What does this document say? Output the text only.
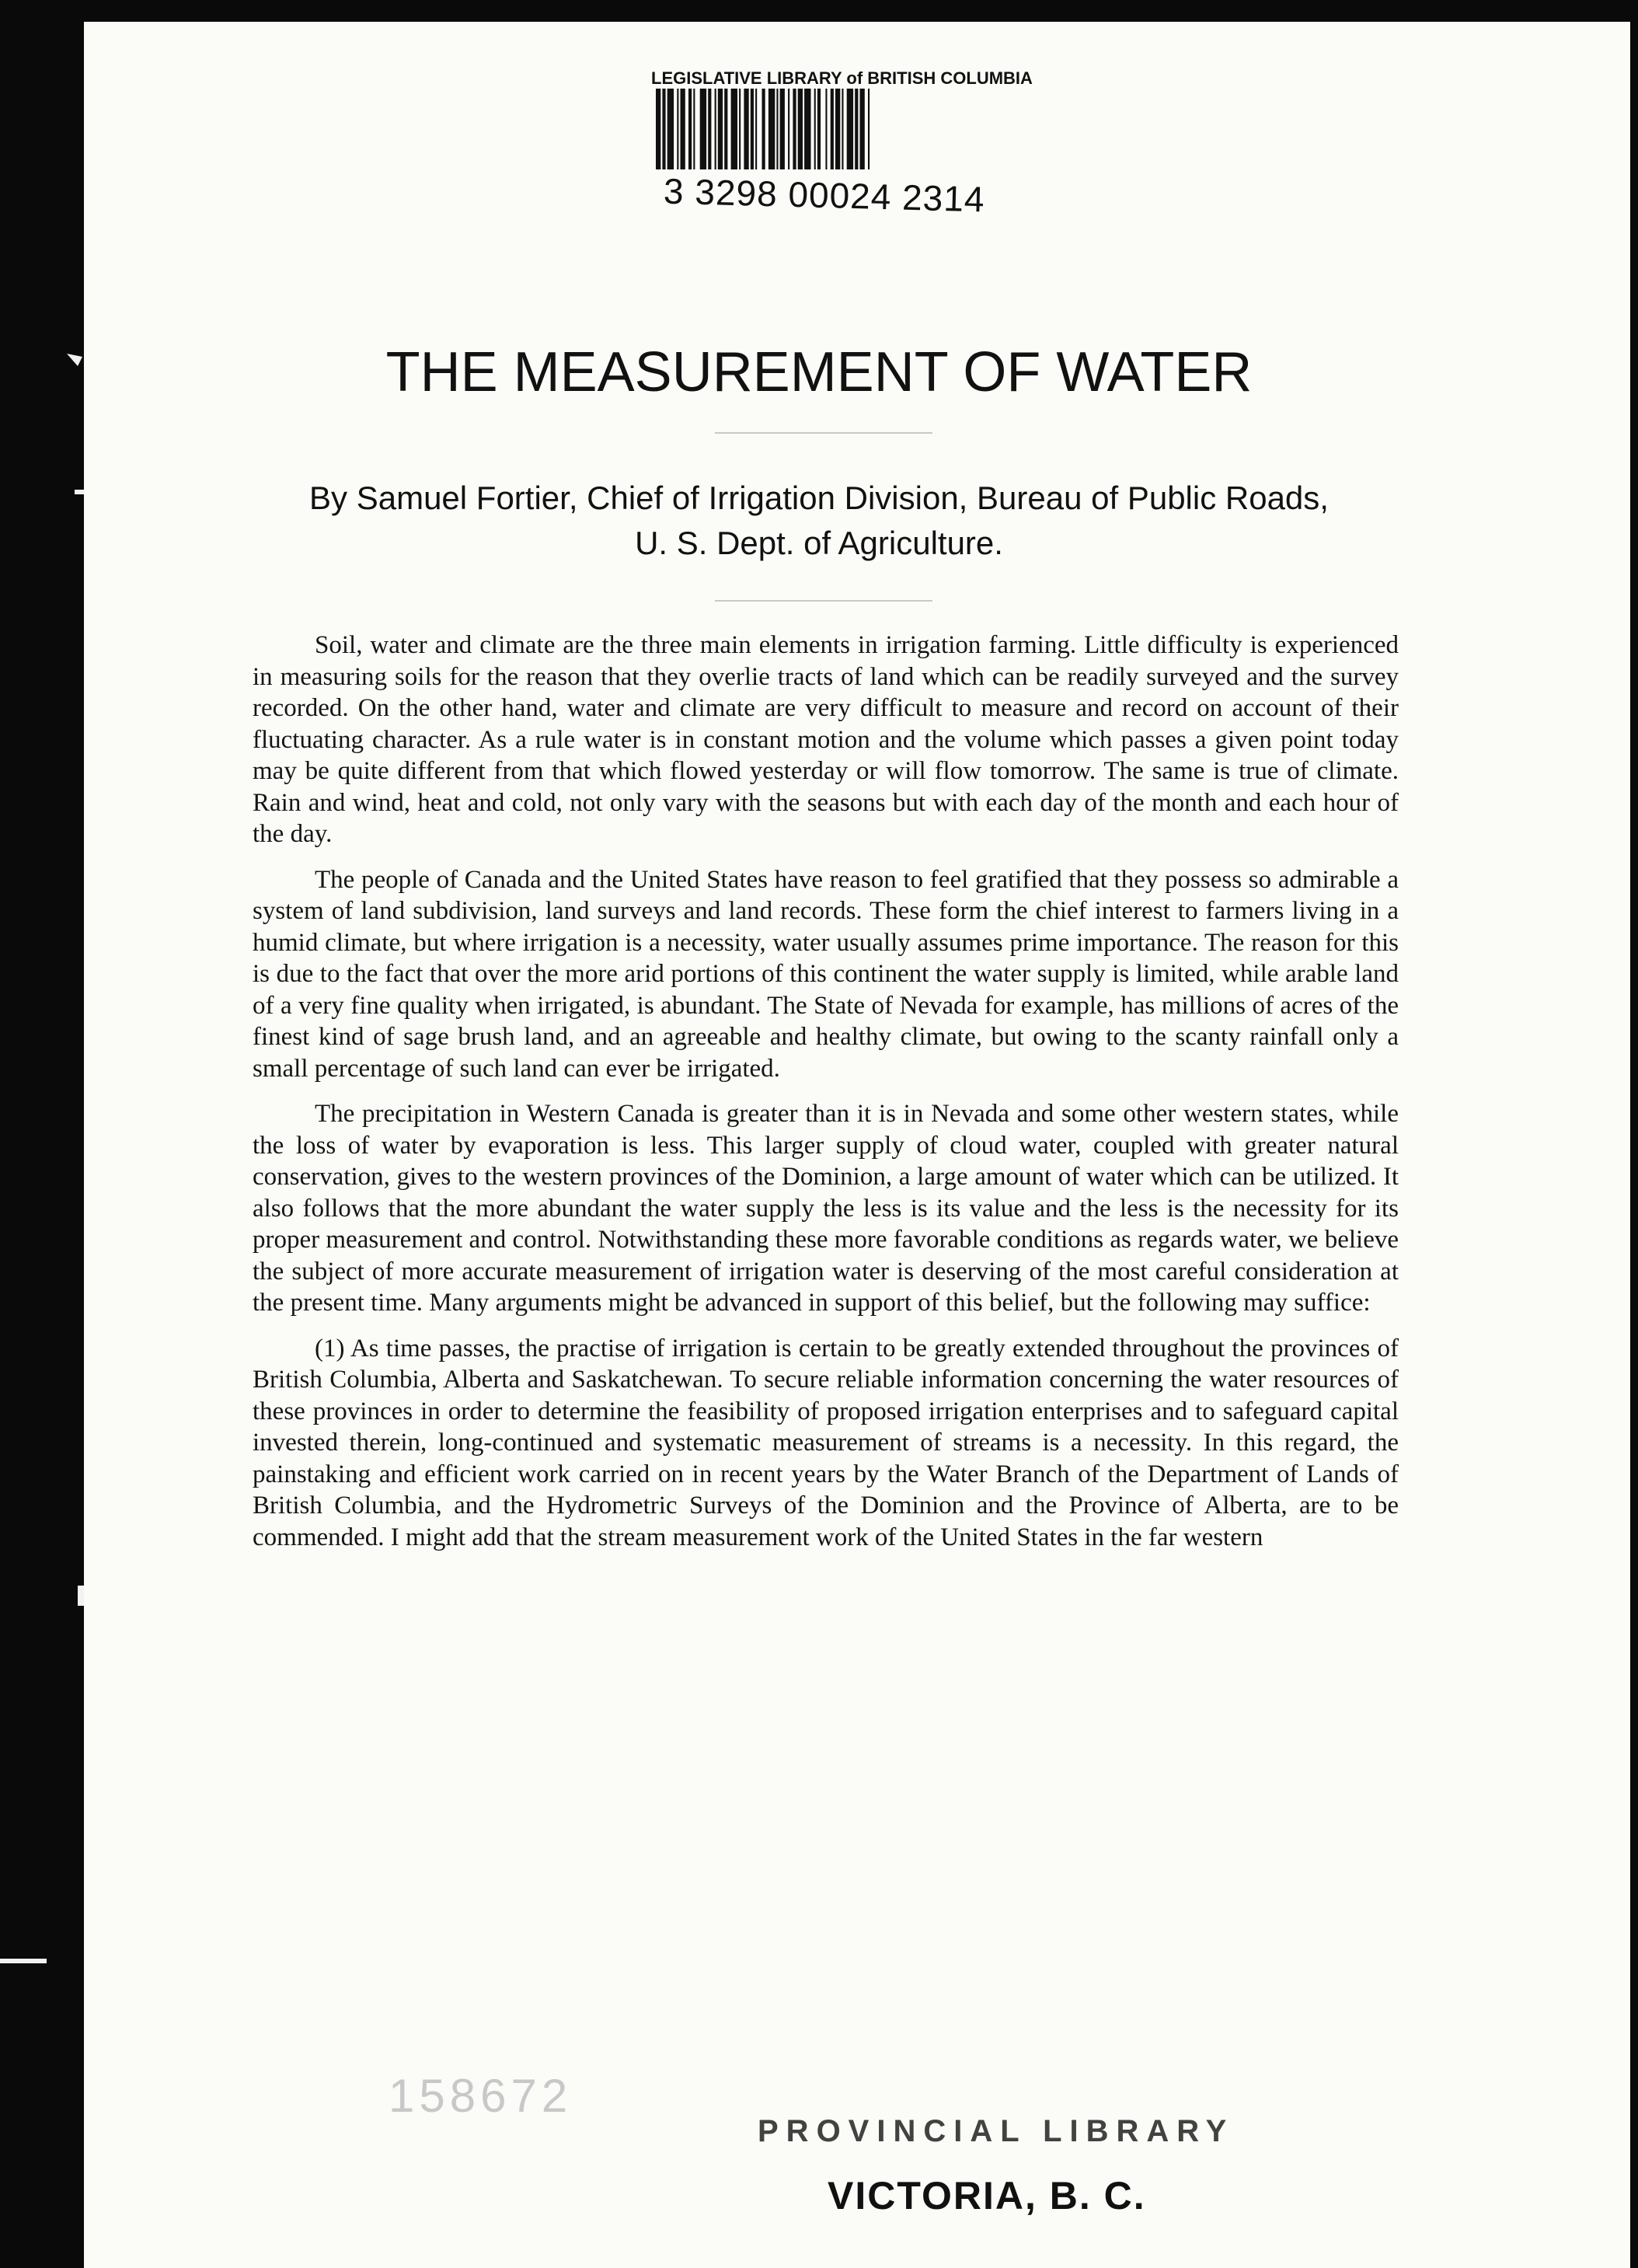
LEGISLATIVE LIBRARY of BRITISH COLUMBIA
3 3298 00024 2314
THE MEASUREMENT OF WATER

By Samuel Fortier, Chief of Irrigation Division, Bureau of Public Roads,

U. S. Dept. of Agriculture.

Soil, water and climate are the three main elements in irrigation farming. Little difficulty is experienced in measuring soils for the reason that they overlie tracts of land which can be readily surveyed and the survey recorded. On the other hand, water and climate are very difficult to measure and record on account of their fluctuating character. As a rule water is in constant motion and the volume which passes a given point today may be quite different from that which flowed yesterday or will flow tomorrow. The same is true of climate. Rain and wind, heat and cold, not only vary with the seasons but with each day of the month and each hour of the day.

The people of Canada and the United States have reason to feel gratified that they possess so admirable a system of land subdivision, land surveys and land records. These form the chief interest to farmers living in a humid climate, but where irrigation is a necessity, water usually assumes prime importance. The reason for this is due to the fact that over the more arid portions of this continent the water supply is limited, while arable land of a very fine quality when irrigated, is abundant. The State of Nevada for example, has millions of acres of the finest kind of sage brush land, and an agreeable and healthy climate, but owing to the scanty rainfall only a small percentage of such land can ever be irrigated.

The precipitation in Western Canada is greater than it is in Nevada and some other western states, while the loss of water by evaporation is less. This larger supply of cloud water, coupled with greater natural conservation, gives to the western provinces of the Dominion, a large amount of water which can be utilized. It also follows that the more abundant the water supply the less is its value and the less is the necessity for its proper measurement and control. Notwithstanding these more favorable conditions as regards water, we believe the subject of more accurate measurement of irrigation water is deserving of the most careful consideration at the present time. Many arguments might be advanced in support of this belief, but the following may suffice:

(1) As time passes, the practise of irrigation is certain to be greatly extended throughout the provinces of British Columbia, Alberta and Saskatchewan. To secure reliable information concerning the water resources of these provinces in order to determine the feasibility of proposed irrigation enterprises and to safeguard capital invested therein, long-continued and systematic measurement of streams is a necessity. In this regard, the painstaking and efficient work carried on in recent years by the Water Branch of the Department of Lands of British Columbia, and the Hydrometric Surveys of the Dominion and the Province of Alberta, are to be commended. I might add that the stream measurement work of the United States in the far western

158672
PROVINCIAL LIBRARY
VICTORIA, B. C.
